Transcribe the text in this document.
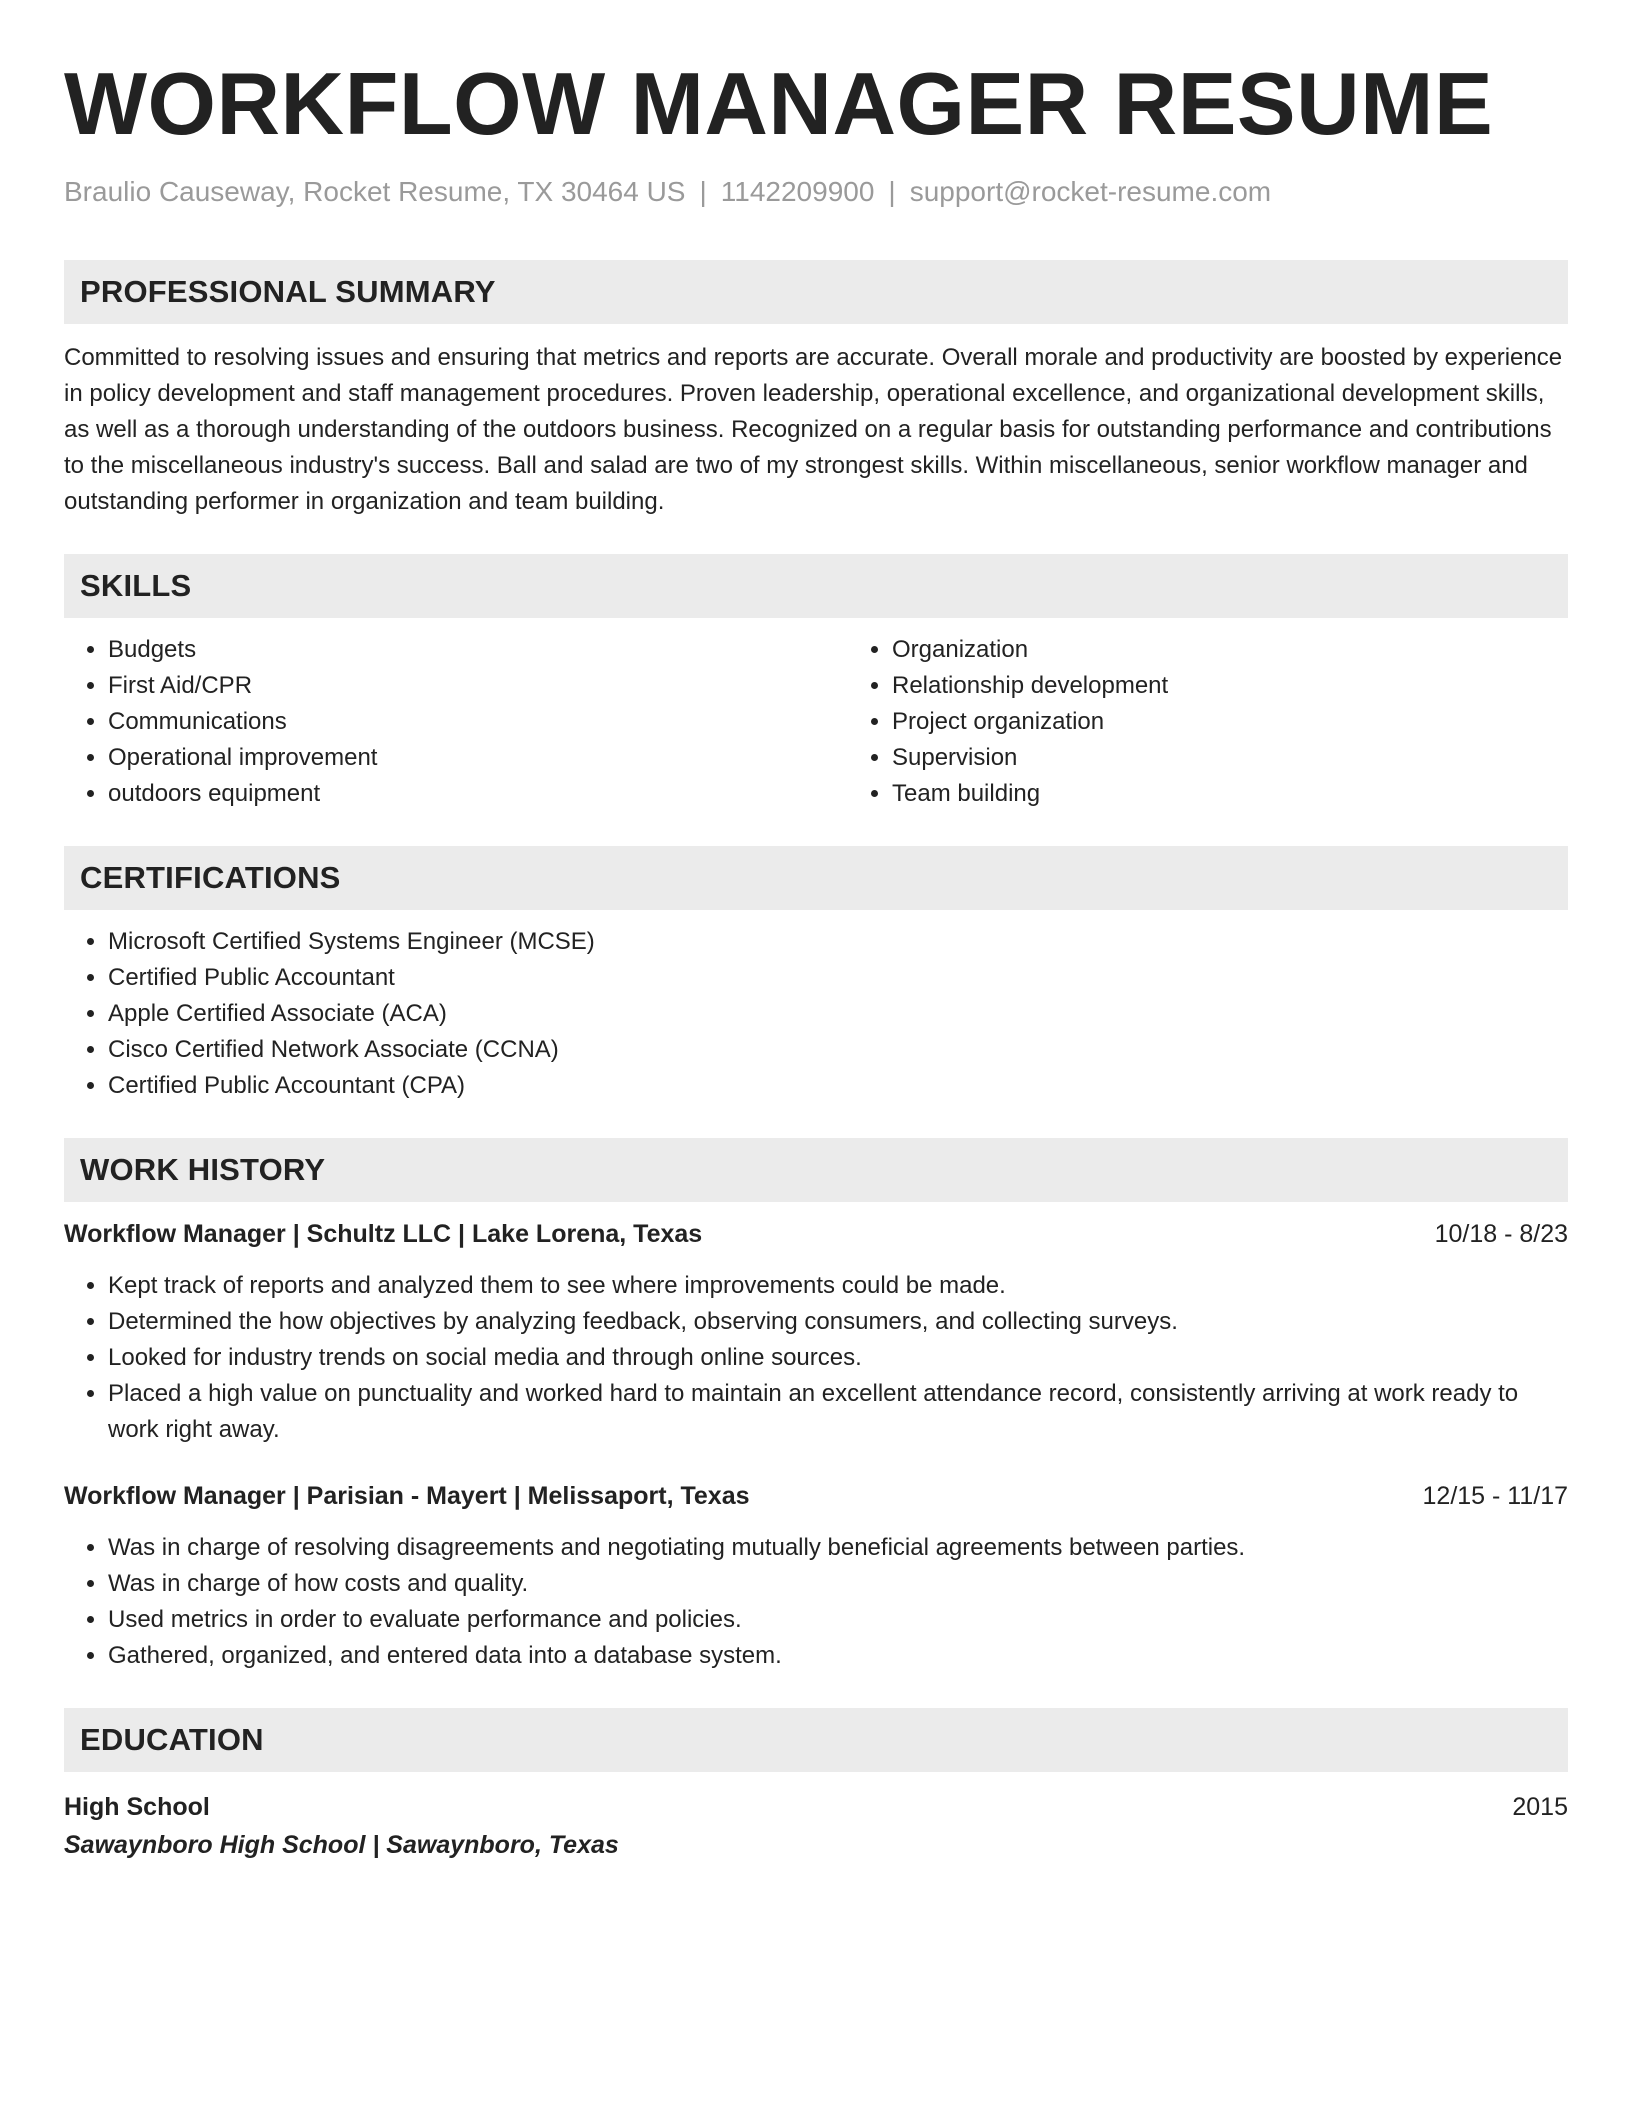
WORKFLOW MANAGER RESUME
Braulio Causeway, Rocket Resume, TX 30464 US | 1142209900 | support@rocket-resume.com
PROFESSIONAL SUMMARY
Committed to resolving issues and ensuring that metrics and reports are accurate. Overall morale and productivity are boosted by experience in policy development and staff management procedures. Proven leadership, operational excellence, and organizational development skills, as well as a thorough understanding of the outdoors business. Recognized on a regular basis for outstanding performance and contributions to the miscellaneous industry's success. Ball and salad are two of my strongest skills. Within miscellaneous, senior workflow manager and outstanding performer in organization and team building.
SKILLS
• Budgets
• First Aid/CPR
• Communications
• Operational improvement
• outdoors equipment
• Organization
• Relationship development
• Project organization
• Supervision
• Team building
CERTIFICATIONS
• Microsoft Certified Systems Engineer (MCSE)
• Certified Public Accountant
• Apple Certified Associate (ACA)
• Cisco Certified Network Associate (CCNA)
• Certified Public Accountant (CPA)
WORK HISTORY
Workflow Manager | Schultz LLC | Lake Lorena, Texas	10/18 - 8/23
• Kept track of reports and analyzed them to see where improvements could be made.
• Determined the how objectives by analyzing feedback, observing consumers, and collecting surveys.
• Looked for industry trends on social media and through online sources.
• Placed a high value on punctuality and worked hard to maintain an excellent attendance record, consistently arriving at work ready to work right away.
Workflow Manager | Parisian - Mayert | Melissaport, Texas	12/15 - 11/17
• Was in charge of resolving disagreements and negotiating mutually beneficial agreements between parties.
• Was in charge of how costs and quality.
• Used metrics in order to evaluate performance and policies.
• Gathered, organized, and entered data into a database system.
EDUCATION
High School	2015
Sawaynboro High School | Sawaynboro, Texas
